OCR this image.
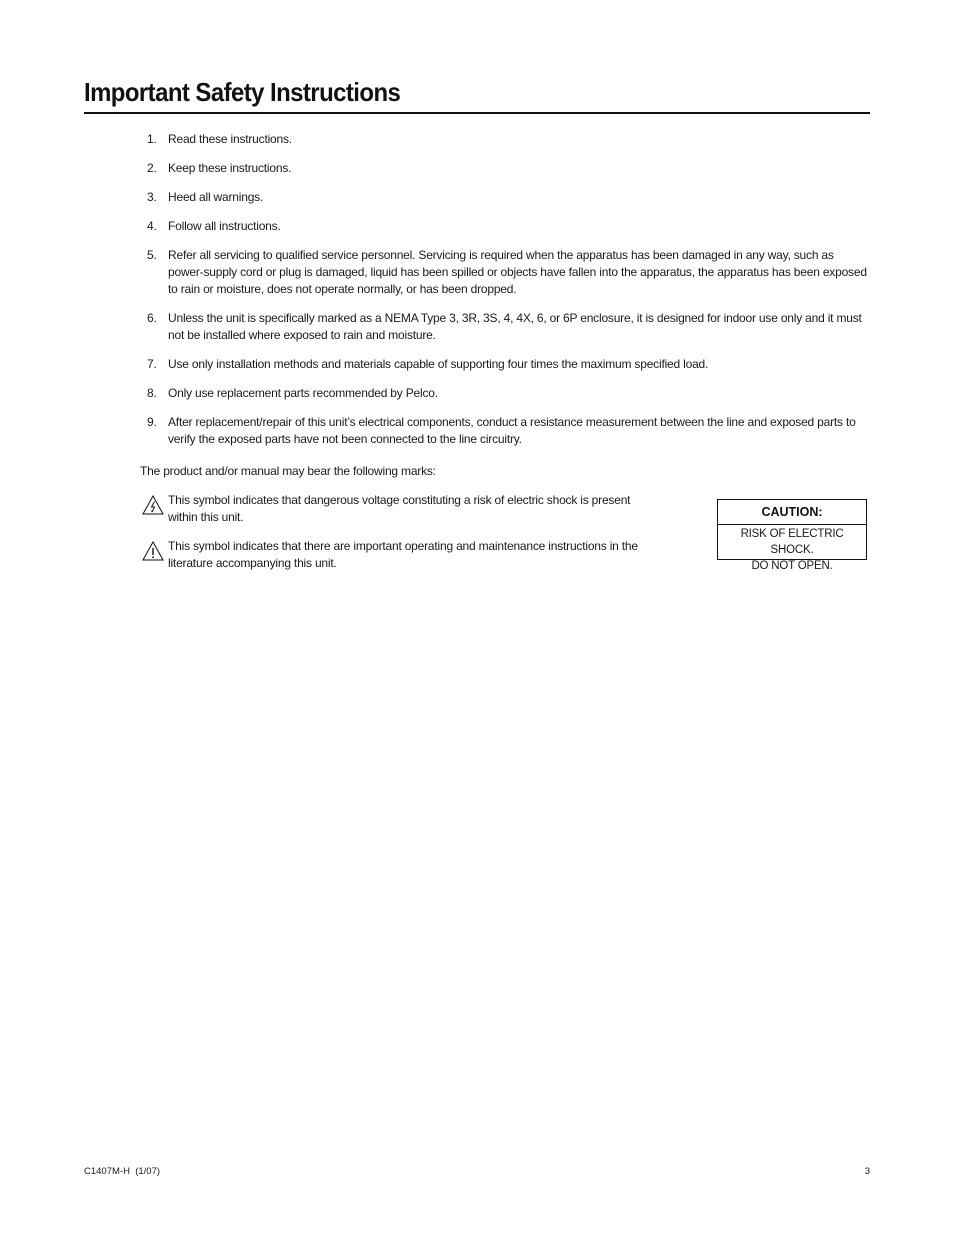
Important Safety Instructions
1. Read these instructions.
2. Keep these instructions.
3. Heed all warnings.
4. Follow all instructions.
5. Refer all servicing to qualified service personnel. Servicing is required when the apparatus has been damaged in any way, such as power-supply cord or plug is damaged, liquid has been spilled or objects have fallen into the apparatus, the apparatus has been exposed to rain or moisture, does not operate normally, or has been dropped.
6. Unless the unit is specifically marked as a NEMA Type 3, 3R, 3S, 4, 4X, 6, or 6P enclosure, it is designed for indoor use only and it must not be installed where exposed to rain and moisture.
7. Use only installation methods and materials capable of supporting four times the maximum specified load.
8. Only use replacement parts recommended by Pelco.
9. After replacement/repair of this unit’s electrical components, conduct a resistance measurement between the line and exposed parts to verify the exposed parts have not been connected to the line circuitry.
The product and/or manual may bear the following marks:
This symbol indicates that dangerous voltage constituting a risk of electric shock is present within this unit.
This symbol indicates that there are important operating and maintenance instructions in the literature accompanying this unit.
CAUTION:
RISK OF ELECTRIC SHOCK.
DO NOT OPEN.
C1407M-H  (1/07)	3
